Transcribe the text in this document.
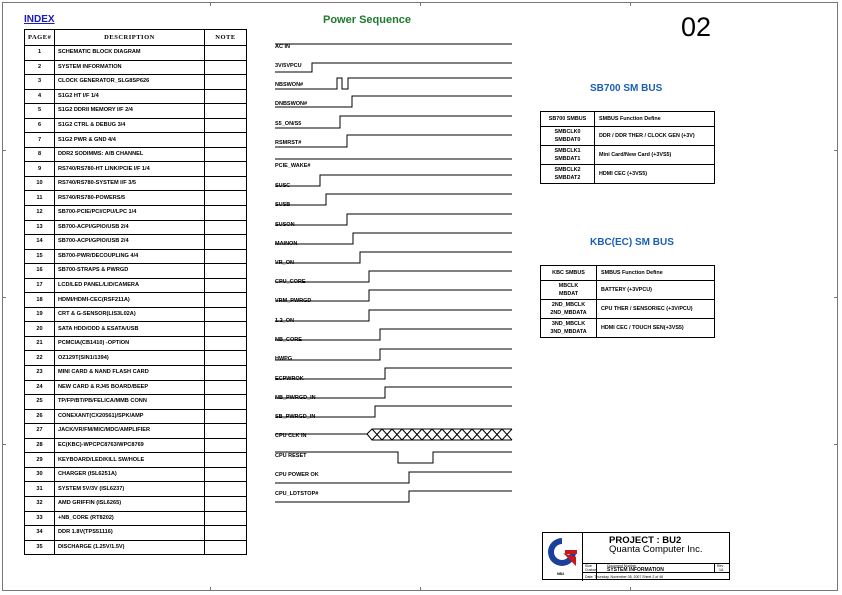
INDEX
PAGE#	DESCRIPTION	NOTE
1	SCHEMATIC BLOCK DIAGRAM	
2	SYSTEM INFORMATION	
3	CLOCK GENERATOR_SLG8SP626	
4	S1G2 HT I/F 1/4	
5	S1G2 DDRII MEMORY I/F 2/4	
6	S1G2 CTRL & DEBUG 3/4	
7	S1G2 PWR & GND 4/4	
8	DDR2 SODIMMS: A/B CHANNEL	
9	RS740/RS780-HT LINK/PCIE I/F 1/4	
10	RS740/RS780-SYSTEM I/F 3/5	
11	RS740/RS780-POWERS/5	
12	SB700-PCIE/PCI/CPU/LPC 1/4	
13	SB700-ACPI/GPIO/USB 2/4	
14	SB700-ACPI/GPIO/USB 2/4	
15	SB700-PWR/DECOUPLING 4/4	
16	SB700-STRAPS & PWRGD	
17	LCD/LED PANEL/LID/CAMERA	
18	HDMI/HDMI-CEC(RSF211A)	
19	CRT & G-SENSOR(LIS3L02A)	
20	SATA HDD/ODD & ESATA/USB	
21	PCMCIA(CB1410) -OPTION	
22	OZ129T(SIN1/1394)	
23	MINI CARD & NAND FLASH CARD	
24	NEW CARD & RJ45 BOARD/BEEP	
25	TP/FP/BT/PB/FELICA/MMB CONN	
26	CONEXANT(CX20561)/SPK/AMP	
27	JACK/VR/FM/MIC/MDC/AMPLIFIER	
28	EC(KBC)-WPCPC8763/WPC8769	
29	KEYBOARD/LED/KILL SW/HOLE	
30	CHARGER (ISL6251A)	
31	SYSTEM 5V/3V (ISL6237)	
32	AMD GRIFFIN (ISL6265)	
33	+NB_CORE (RT8202)	
34	DDR 1.8V(TPS51116)	
35	DISCHARGE (1.25V/1.5V)	
Power Sequence
AC IN
3V/5VPCU
NBSWON#
DNBSWON#
S5_ON/S5
RSMRST#
PCIE_WAKE#
SUSC
SUSB
SUSON
MAINON
VR_ON
CPU_CORE
VRM_PWRGD
1.2_ON
NB_CORE
HWPG
ECPWROK
NB_PWRGD_IN
SB_PWRGD_IN
CPU CLK IN
CPU RESET
CPU POWER OK
CPU_LDTSTOP#
02
SB700 SM BUS
SB700 SMBUS	SMBUS Function Define
SMBCLK0
SMBDAT0	DDR / DDR THER / CLOCK GEN (+3V)
SMBCLK1
SMBDAT1	Mini Card/New Card (+3VS5)
SMBCLK2
SMBDAT2	HDMI CEC (+3VS5)
KBC(EC) SM BUS
KBC SMBUS	SMBUS Function Define
MBCLK
MBDAT	BATTERY (+3VPCU)
2ND_MBCLK
2ND_MBDATA	CPU THER / SENSOR/EC (+3V/PCU)
3ND_MBCLK
3ND_MBDATA	HDMI CEC / TOUCH SEN(+3VS5)
NB4
PROJECT : BU2
Quanta Computer Inc.
Size
Custom
Document Number
SYSTEM INFORMATION
Rev
1A
Date: Thursday, November 08, 2007 Sheet 2 of 46
